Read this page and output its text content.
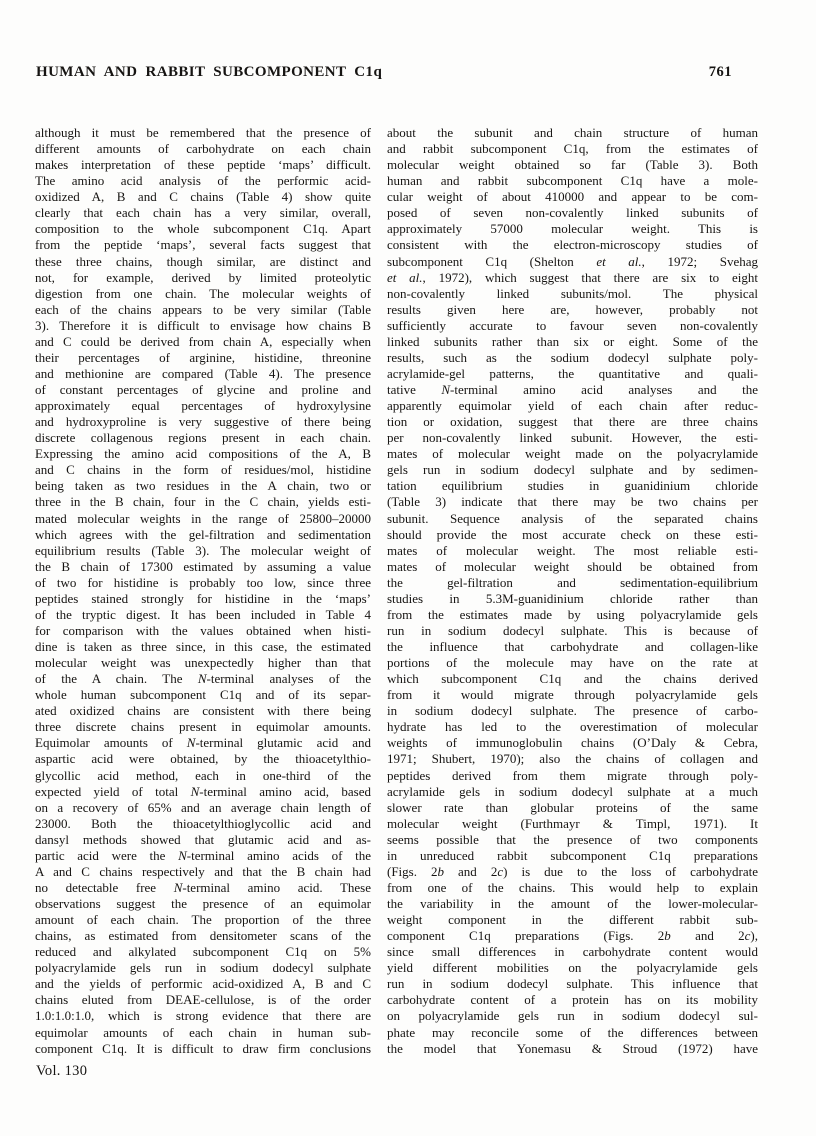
HUMAN AND RABBIT SUBCOMPONENT C1q	761
although it must be remembered that the presence of
different amounts of carbohydrate on each chain
makes interpretation of these peptide ‘maps’ difficult.
The amino acid analysis of the performic acid-
oxidized A, B and C chains (Table 4) show quite
clearly that each chain has a very similar, overall,
composition to the whole subcomponent C1q. Apart
from the peptide ‘maps’, several facts suggest that
these three chains, though similar, are distinct and
not, for example, derived by limited proteolytic
digestion from one chain. The molecular weights of
each of the chains appears to be very similar (Table
3). Therefore it is difficult to envisage how chains B
and C could be derived from chain A, especially when
their percentages of arginine, histidine, threonine
and methionine are compared (Table 4). The presence
of constant percentages of glycine and proline and
approximately equal percentages of hydroxylysine
and hydroxyproline is very suggestive of there being
discrete collagenous regions present in each chain.
Expressing the amino acid compositions of the A, B
and C chains in the form of residues/mol, histidine
being taken as two residues in the A chain, two or
three in the B chain, four in the C chain, yields esti-
mated molecular weights in the range of 25800–20000
which agrees with the gel-filtration and sedimentation
equilibrium results (Table 3). The molecular weight of
the B chain of 17300 estimated by assuming a value
of two for histidine is probably too low, since three
peptides stained strongly for histidine in the ‘maps’
of the tryptic digest. It has been included in Table 4
for comparison with the values obtained when histi-
dine is taken as three since, in this case, the estimated
molecular weight was unexpectedly higher than that
of the A chain. The N-terminal analyses of the
whole human subcomponent C1q and of its separ-
ated oxidized chains are consistent with there being
three discrete chains present in equimolar amounts.
Equimolar amounts of N-terminal glutamic acid and
aspartic acid were obtained, by the thioacetylthio-
glycollic acid method, each in one-third of the
expected yield of total N-terminal amino acid, based
on a recovery of 65% and an average chain length of
23000. Both the thioacetylthioglycollic acid and
dansyl methods showed that glutamic acid and as-
partic acid were the N-terminal amino acids of the
A and C chains respectively and that the B chain had
no detectable free N-terminal amino acid. These
observations suggest the presence of an equimolar
amount of each chain. The proportion of the three
chains, as estimated from densitometer scans of the
reduced and alkylated subcomponent C1q on 5%
polyacrylamide gels run in sodium dodecyl sulphate
and the yields of performic acid-oxidized A, B and C
chains eluted from DEAE-cellulose, is of the order
1.0:1.0:1.0, which is strong evidence that there are
equimolar amounts of each chain in human sub-
component C1q. It is difficult to draw firm conclusions
about the subunit and chain structure of human
and rabbit subcomponent C1q, from the estimates of
molecular weight obtained so far (Table 3). Both
human and rabbit subcomponent C1q have a mole-
cular weight of about 410000 and appear to be com-
posed of seven non-covalently linked subunits of
approximately 57000 molecular weight. This is
consistent with the electron-microscopy studies of
subcomponent C1q (Shelton et al., 1972; Svehag
et al., 1972), which suggest that there are six to eight
non-covalently linked subunits/mol. The physical
results given here are, however, probably not
sufficiently accurate to favour seven non-covalently
linked subunits rather than six or eight. Some of the
results, such as the sodium dodecyl sulphate poly-
acrylamide-gel patterns, the quantitative and quali-
tative N-terminal amino acid analyses and the
apparently equimolar yield of each chain after reduc-
tion or oxidation, suggest that there are three chains
per non-covalently linked subunit. However, the esti-
mates of molecular weight made on the polyacrylamide
gels run in sodium dodecyl sulphate and by sedimen-
tation equilibrium studies in guanidinium chloride
(Table 3) indicate that there may be two chains per
subunit. Sequence analysis of the separated chains
should provide the most accurate check on these esti-
mates of molecular weight. The most reliable esti-
mates of molecular weight should be obtained from
the gel-filtration and sedimentation-equilibrium
studies in 5.3M-guanidinium chloride rather than
from the estimates made by using polyacrylamide gels
run in sodium dodecyl sulphate. This is because of
the influence that carbohydrate and collagen-like
portions of the molecule may have on the rate at
which subcomponent C1q and the chains derived
from it would migrate through polyacrylamide gels
in sodium dodecyl sulphate. The presence of carbo-
hydrate has led to the overestimation of molecular
weights of immunoglobulin chains (O’Daly & Cebra,
1971; Shubert, 1970); also the chains of collagen and
peptides derived from them migrate through poly-
acrylamide gels in sodium dodecyl sulphate at a much
slower rate than globular proteins of the same
molecular weight (Furthmayr & Timpl, 1971). It
seems possible that the presence of two components
in unreduced rabbit subcomponent C1q preparations
(Figs. 2b and 2c) is due to the loss of carbohydrate
from one of the chains. This would help to explain
the variability in the amount of the lower-molecular-
weight component in the different rabbit sub-
component C1q preparations (Figs. 2b and 2c),
since small differences in carbohydrate content would
yield different mobilities on the polyacrylamide gels
run in sodium dodecyl sulphate. This influence that
carbohydrate content of a protein has on its mobility
on polyacrylamide gels run in sodium dodecyl sul-
phate may reconcile some of the differences between
the model that Yonemasu & Stroud (1972) have
Vol. 130
